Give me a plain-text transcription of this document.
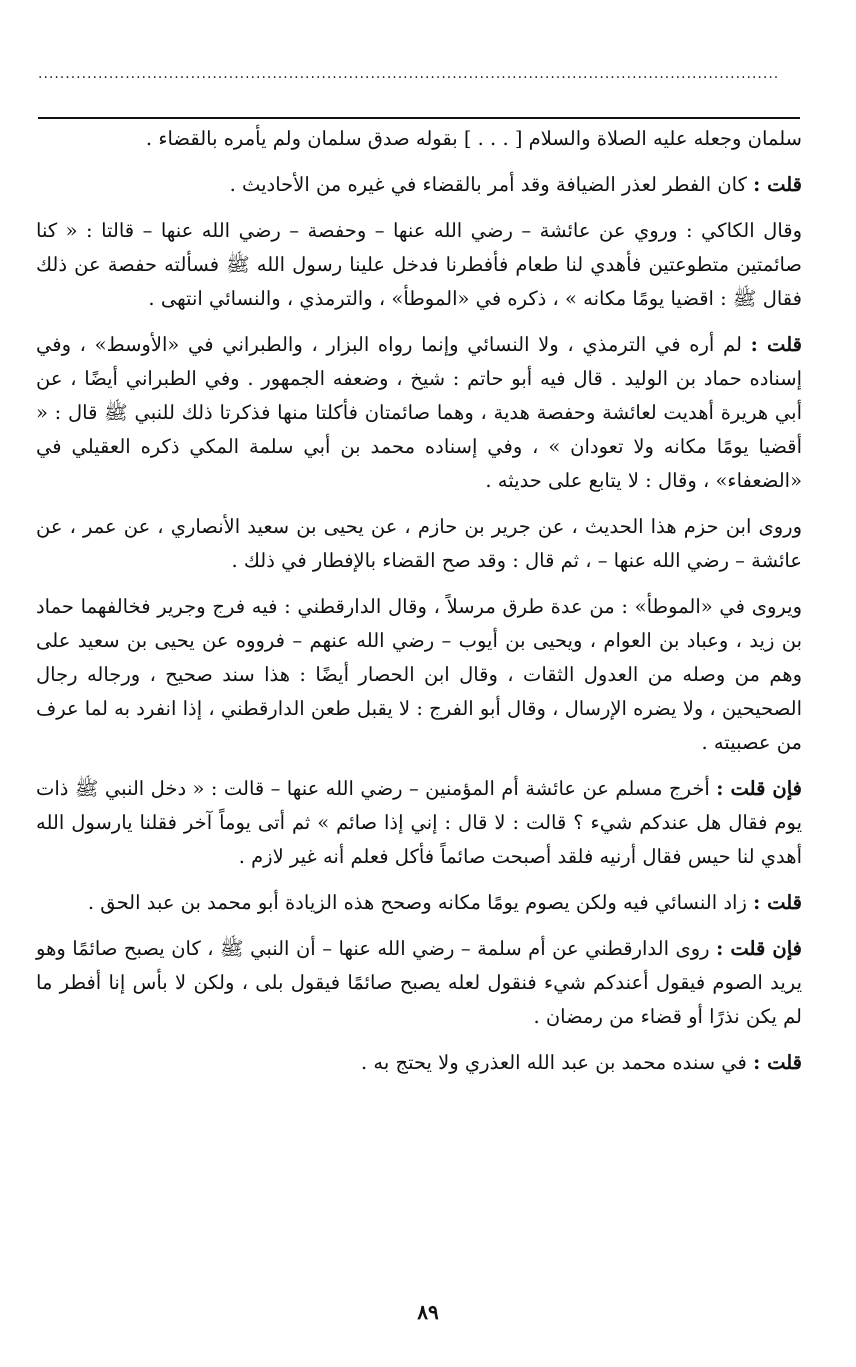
........................................................................................................................................

سلمان وجعله عليه الصلاة والسلام [ . . . ] بقوله صدق سلمان ولم يأمره بالقضاء .

قلت : كان الفطر لعذر الضيافة وقد أمر بالقضاء في غيره من الأحاديث .

وقال الكاكي : وروي عن عائشة – رضي الله عنها – وحفصة – رضي الله عنها – قالتا : « كنا صائمتين متطوعتين فأهدي لنا طعام فأفطرنا فدخل علينا رسول الله ﷺ فسألته حفصة عن ذلك فقال ﷺ : اقضيا يومًا مكانه » ، ذكره في «الموطأ» ، والترمذي ، والنسائي انتهى .

قلت : لم أره في الترمذي ، ولا النسائي وإنما رواه البزار ، والطبراني في «الأوسط» ، وفي إسناده حماد بن الوليد . قال فيه أبو حاتم : شيخ ، وضعفه الجمهور . وفي الطبراني أيضًا ، عن أبي هريرة أهديت لعائشة وحفصة هدية ، وهما صائمتان فأكلتا منها فذكرتا ذلك للنبي ﷺ قال : « أقضيا يومًا مكانه ولا تعودان » ، وفي إسناده محمد بن أبي سلمة المكي ذكره العقيلي في «الضعفاء» ، وقال : لا يتابع على حديثه .

وروى ابن حزم هذا الحديث ، عن جرير بن حازم ، عن يحيى بن سعيد الأنصاري ، عن عمر ، عن عائشة – رضي الله عنها – ، ثم قال : وقد صح القضاء بالإفطار في ذلك .

ويروى في «الموطأ» : من عدة طرق مرسلاً ، وقال الدارقطني : فيه فرج وجرير فخالفهما حماد بن زيد ، وعباد بن العوام ، ويحيى بن أيوب – رضي الله عنهم – فرووه عن يحيى بن سعيد على وهم من وصله من العدول الثقات ، وقال ابن الحصار أيضًا : هذا سند صحيح ، ورجاله رجال الصحيحين ، ولا يضره الإرسال ، وقال أبو الفرج : لا يقبل طعن الدارقطني ، إذا انفرد به لما عرف من عصبيته .

فإن قلت : أخرج مسلم عن عائشة أم المؤمنين – رضي الله عنها – قالت : « دخل النبي ﷺ ذات يوم فقال هل عندكم شيء ؟ قالت : لا قال : إني إذا صائم » ثم أتى يوماً آخر فقلنا يارسول الله أهدي لنا حيس فقال أرنيه فلقد أصبحت صائماً فأكل فعلم أنه غير لازم .

قلت : زاد النسائي فيه ولكن يصوم يومًا مكانه وصحح هذه الزيادة أبو محمد بن عبد الحق .

فإن قلت : روى الدارقطني عن أم سلمة – رضي الله عنها – أن النبي ﷺ ، كان يصبح صائمًا وهو يريد الصوم فيقول أعندكم شيء فنقول لعله يصبح صائمًا فيقول بلى ، ولكن لا بأس إنا أفطر ما لم يكن نذرًا أو قضاء من رمضان .

قلت : في سنده محمد بن عبد الله العذري ولا يحتج به .

٨٩
